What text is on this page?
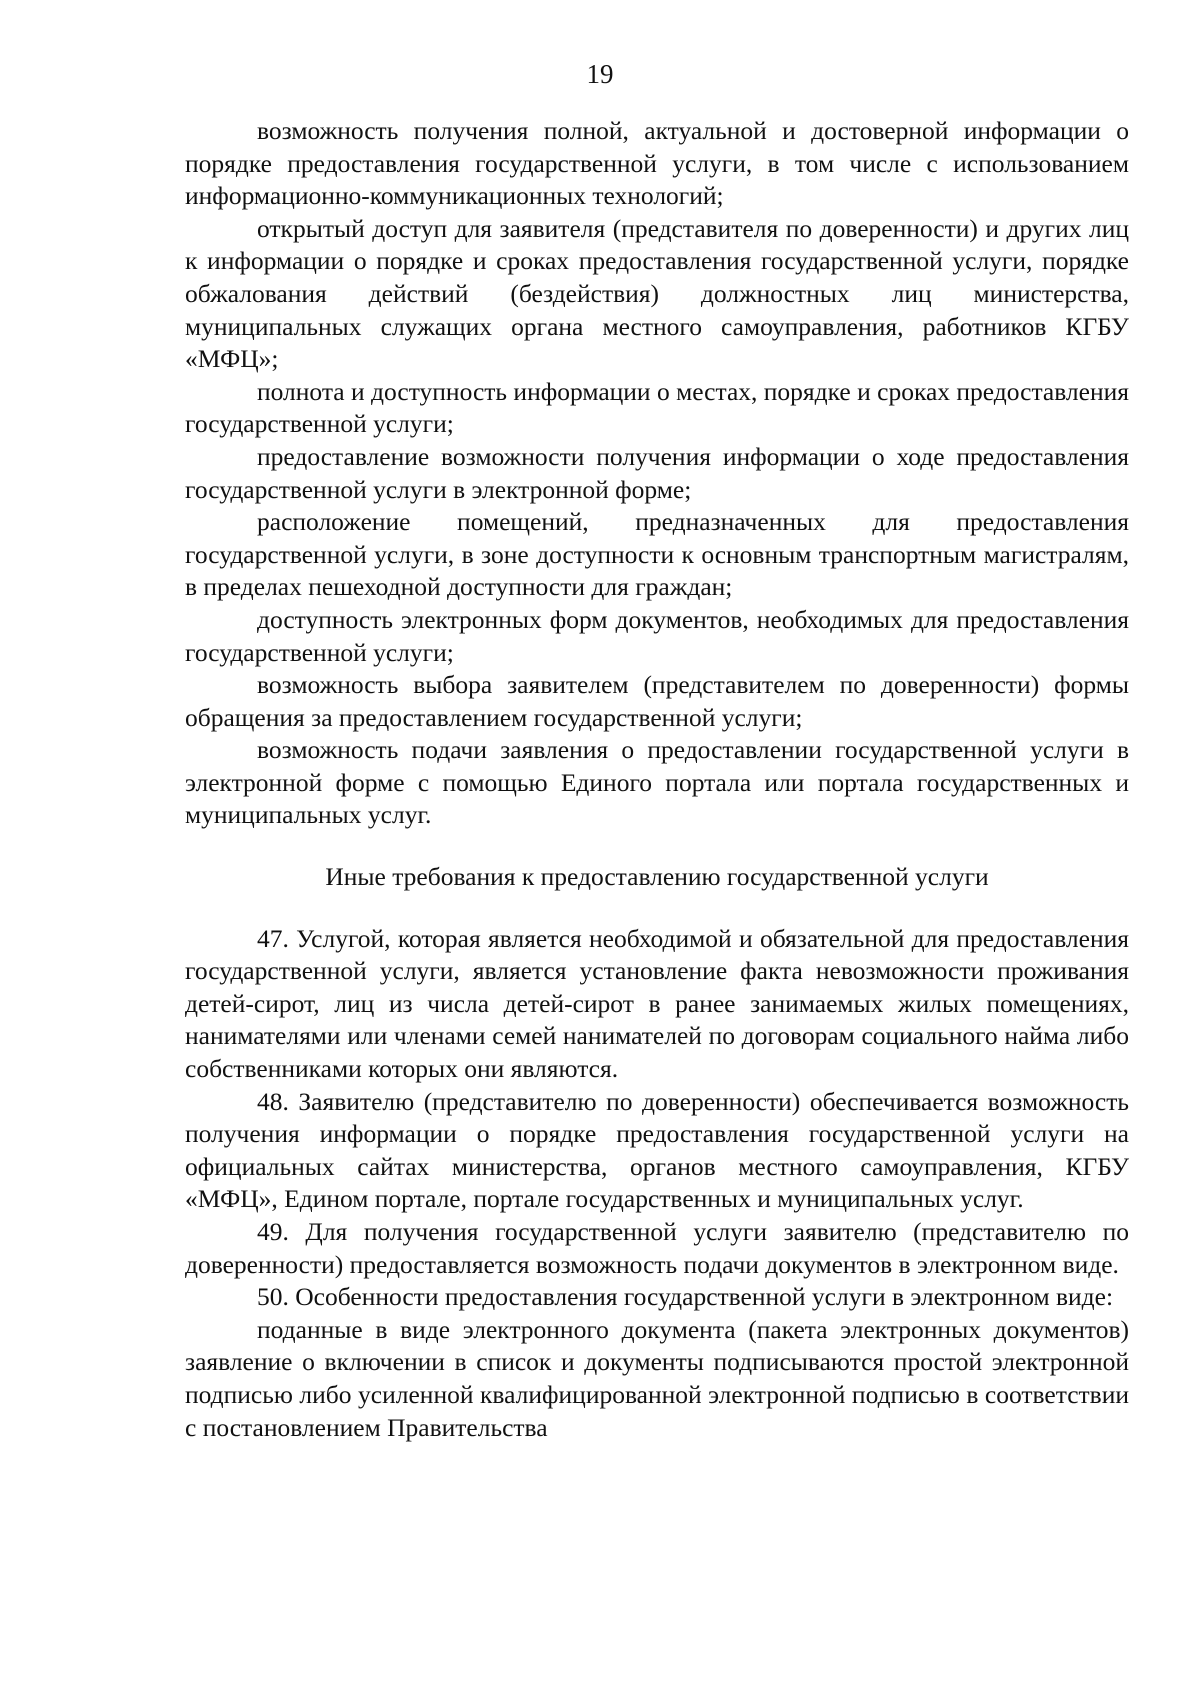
19

возможность получения полной, актуальной и достоверной информации о порядке предоставления государственной услуги, в том числе с использованием информационно-коммуникационных технологий;

открытый доступ для заявителя (представителя по доверенности) и других лиц к информации о порядке и сроках предоставления государственной услуги, порядке обжалования действий (бездействия) должностных лиц министерства, муниципальных служащих органа местного самоуправления, работников КГБУ «МФЦ»;

полнота и доступность информации о местах, порядке и сроках предоставления государственной услуги;

предоставление возможности получения информации о ходе предоставления государственной услуги в электронной форме;

расположение помещений, предназначенных для предоставления государственной услуги, в зоне доступности к основным транспортным магистралям, в пределах пешеходной доступности для граждан;

доступность электронных форм документов, необходимых для предоставления государственной услуги;

возможность выбора заявителем (представителем по доверенности) формы обращения за предоставлением государственной услуги;

возможность подачи заявления о предоставлении государственной услуги в электронной форме с помощью Единого портала или портала государственных и муниципальных услуг.

Иные требования к предоставлению государственной услуги

47. Услугой, которая является необходимой и обязательной для предоставления государственной услуги, является установление факта невозможности проживания детей-сирот, лиц из числа детей-сирот в ранее занимаемых жилых помещениях, нанимателями или членами семей нанимателей по договорам социального найма либо собственниками которых они являются.

48. Заявителю (представителю по доверенности) обеспечивается возможность получения информации о порядке предоставления государственной услуги на официальных сайтах министерства, органов местного самоуправления, КГБУ «МФЦ», Едином портале, портале государственных и муниципальных услуг.

49. Для получения государственной услуги заявителю (представителю по доверенности) предоставляется возможность подачи документов в электронном виде.

50. Особенности предоставления государственной услуги в электронном виде:

поданные в виде электронного документа (пакета электронных документов) заявление о включении в список и документы подписываются простой электронной подписью либо усиленной квалифицированной электронной подписью в соответствии с постановлением Правительства
